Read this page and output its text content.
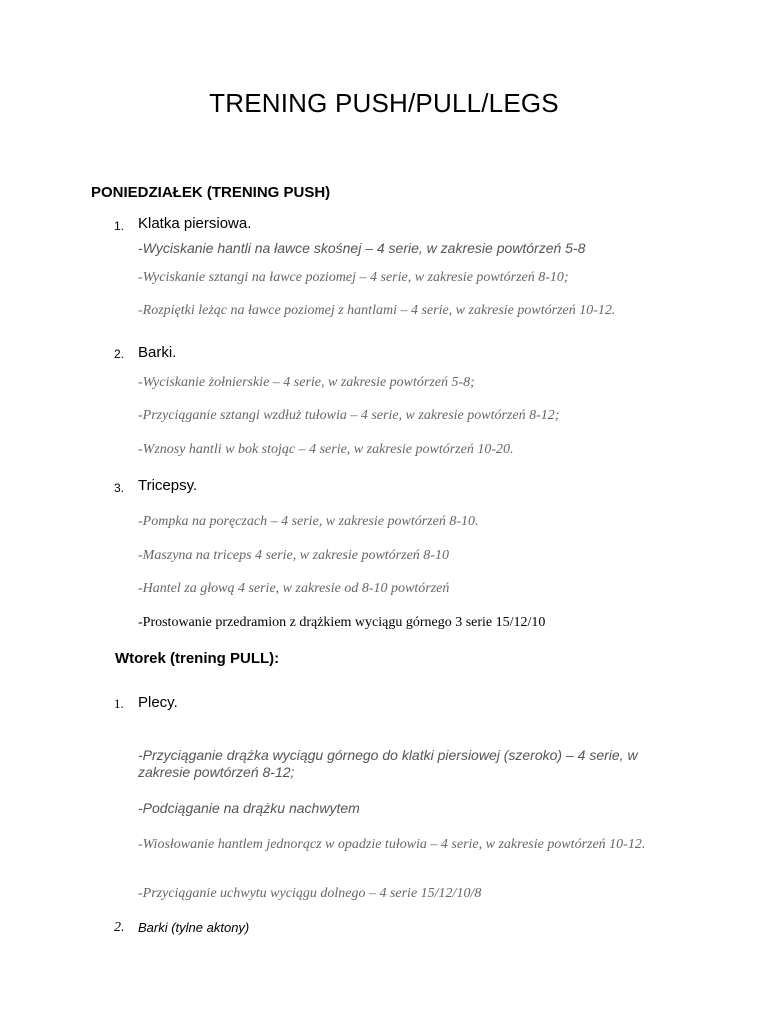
TRENING PUSH/PULL/LEGS
PONIEDZIAŁEK (TRENING PUSH)
1. Klatka piersiowa.
-Wyciskanie hantli na ławce skośnej – 4 serie, w zakresie powtórzeń 5-8
-Wyciskanie sztangi na ławce poziomej – 4 serie, w zakresie powtórzeń 8-10;
-Rozpiętki leżąc na ławce poziomej z hantlami – 4 serie, w zakresie powtórzeń 10-12.
2. Barki.
-Wyciskanie żołnierskie – 4 serie, w zakresie powtórzeń 5-8;
-Przyciąganie sztangi wzdłuż tułowia – 4 serie, w zakresie powtórzeń 8-12;
-Wznosy hantli w bok stojąc – 4 serie, w zakresie powtórzeń 10-20.
3. Tricepsy.
-Pompka na poręczach – 4 serie, w zakresie powtórzeń 8-10.
-Maszyna na triceps 4 serie, w zakresie powtórzeń 8-10
-Hantel za głową 4 serie, w zakresie od 8-10 powtórzeń
-Prostowanie przedramion z drążkiem wyciągu górnego 3 serie 15/12/10
Wtorek (trening PULL):
1. Plecy.
-Przyciąganie drążka wyciągu górnego do klatki piersiowej (szeroko) – 4 serie, w zakresie powtórzeń 8-12;
-Podciąganie na drążku nachwytem
-Wiosłowanie hantlem jednorącz w opadzie tułowia – 4 serie, w zakresie powtórzeń 10-12.
-Przyciąganie uchwytu wyciągu dolnego – 4 serie 15/12/10/8
2. Barki (tylne aktony)
